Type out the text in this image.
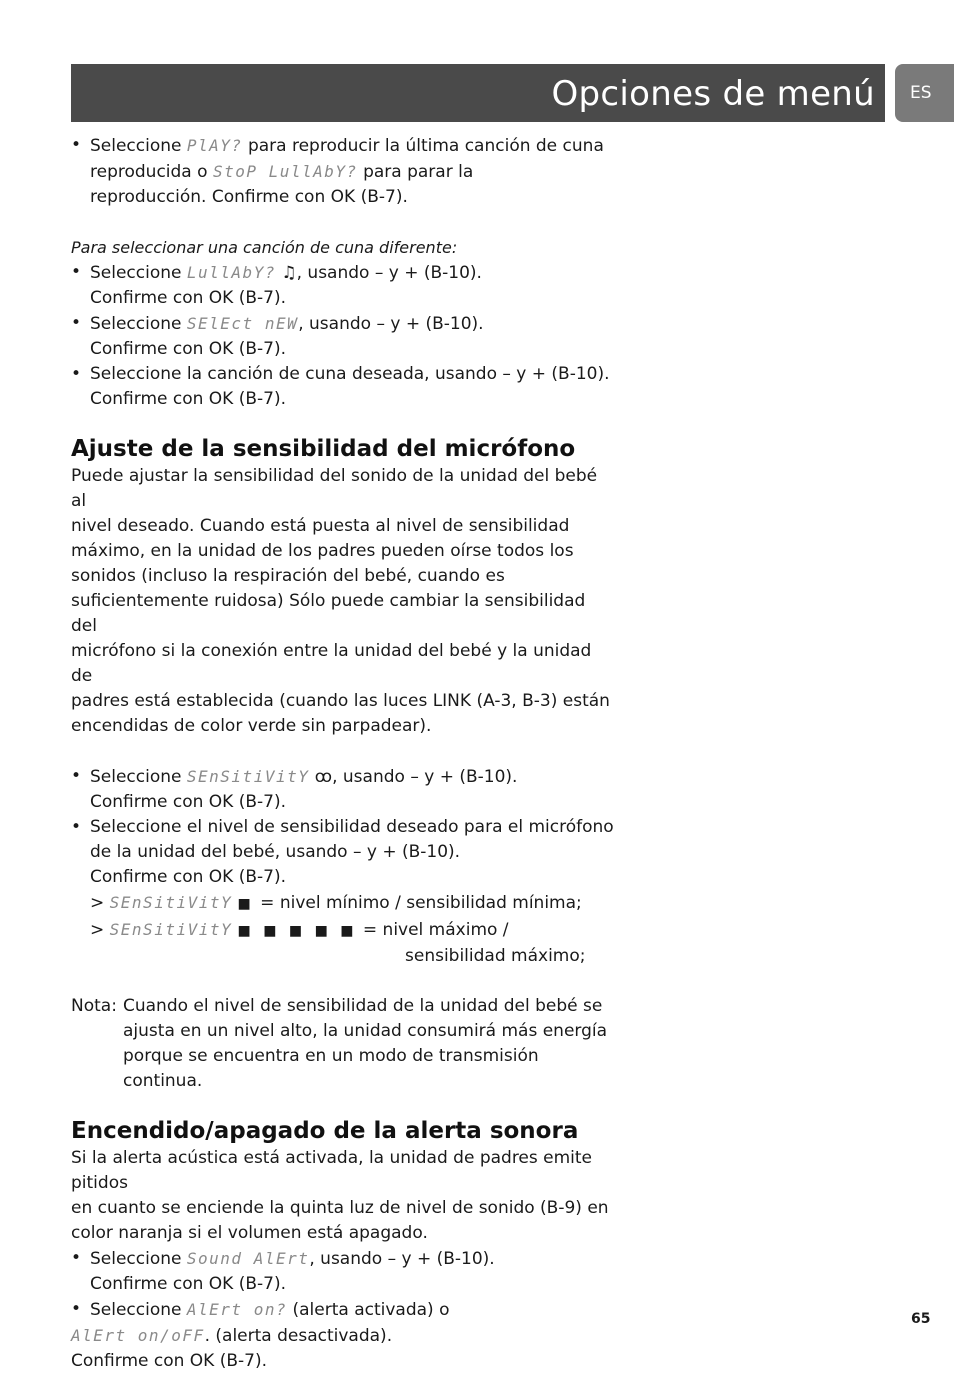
Opciones de menú	ES
• Seleccione PlAY? para reproducir la última canción de cuna
reproducida o StoP LullAbY? para parar la
reproducción. Confirme con OK (B-7).
Para seleccionar una canción de cuna diferente:
• Seleccione LullAbY? ♫, usando – y + (B-10).
Confirme con OK (B-7).
• Seleccione SElEct nEW, usando – y + (B-10).
Confirme con OK (B-7).
• Seleccione la canción de cuna deseada, usando – y + (B-10).
Confirme con OK (B-7).
Ajuste de la sensibilidad del micrófono
Puede ajustar la sensibilidad del sonido de la unidad del bebé al
nivel deseado. Cuando está puesta al nivel de sensibilidad
máximo, en la unidad de los padres pueden oírse todos los
sonidos (incluso la respiración del bebé, cuando es
suficientemente ruidosa) Sólo puede cambiar la sensibilidad del
micrófono si la conexión entre la unidad del bebé y la unidad de
padres está establecida (cuando las luces LINK (A-3, B-3) están
encendidas de color verde sin parpadear).
• Seleccione SEnSitiVitY ꝏ, usando – y + (B-10).
Confirme con OK (B-7).
• Seleccione el nivel de sensibilidad deseado para el micrófono
de la unidad del bebé, usando – y + (B-10).
Confirme con OK (B-7).
> SEnSitiVitY ■ = nivel mínimo / sensibilidad mínima;
> SEnSitiVitY ■ ■ ■ ■ ■ = nivel máximo /
sensibilidad máximo;
Nota: Cuando el nivel de sensibilidad de la unidad del bebé se
ajusta en un nivel alto, la unidad consumirá más energía
porque se encuentra en un modo de transmisión
continua.
Encendido/apagado de la alerta sonora
Si la alerta acústica está activada, la unidad de padres emite pitidos
en cuanto se enciende la quinta luz de nivel de sonido (B-9) en
color naranja si el volumen está apagado.
• Seleccione Sound AlErt, usando – y + (B-10).
Confirme con OK (B-7).
• Seleccione AlErt on? (alerta activada) o
AlErt on/oFF. (alerta desactivada).
Confirme con OK (B-7).
65
